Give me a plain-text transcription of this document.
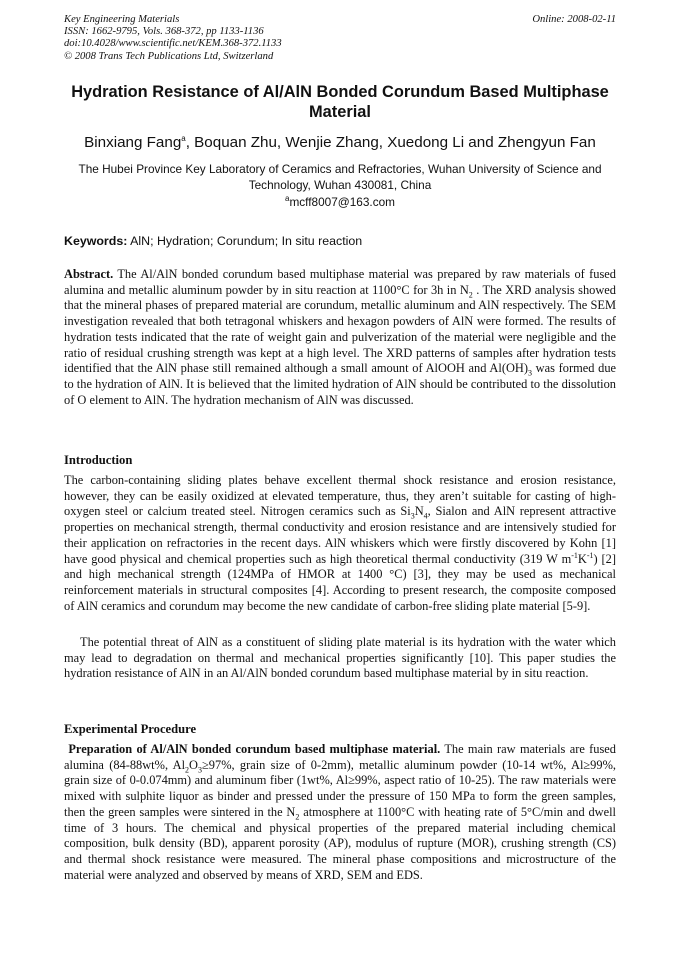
Key Engineering Materials
ISSN: 1662-9795, Vols. 368-372, pp 1133-1136
doi:10.4028/www.scientific.net/KEM.368-372.1133
© 2008 Trans Tech Publications Ltd, Switzerland
Online: 2008-02-11
Hydration Resistance of Al/AlN Bonded Corundum Based Multiphase Material
Binxiang Fang$^a$, Boquan Zhu, Wenjie Zhang, Xuedong Li and Zhengyun Fan
The Hubei Province Key Laboratory of Ceramics and Refractories, Wuhan University of Science and Technology, Wuhan 430081, China
$^a$mcff8007@163.com
Keywords: AlN; Hydration; Corundum; In situ reaction
Abstract. The Al/AlN bonded corundum based multiphase material was prepared by raw materials of fused alumina and metallic aluminum powder by in situ reaction at 1100°C for 3h in $N_2$ . The XRD analysis showed that the mineral phases of prepared material are corundum, metallic aluminum and AlN respectively. The SEM investigation revealed that both tetragonal whiskers and hexagon powders of AlN were formed. The results of hydration tests indicated that the rate of weight gain and pulverization of the material were negligible and the ratio of residual crushing strength was kept at a high level. The XRD patterns of samples after hydration tests identified that the AlN phase still remained although a small amount of AlOOH and $Al(OH)_3$ was formed due to the hydration of AlN. It is believed that the limited hydration of AlN should be contributed to the dissolution of O element to AlN. The hydration mechanism of AlN was discussed.
Introduction
The carbon-containing sliding plates behave excellent thermal shock resistance and erosion resistance, however, they can be easily oxidized at elevated temperature, thus, they aren’t suitable for casting of high-oxygen steel or calcium treated steel. Nitrogen ceramics such as $Si_3N_4$, Sialon and AlN represent attractive properties on mechanical strength, thermal conductivity and erosion resistance and are intensively studied for their application on refractories in the recent days. AlN whiskers which were firstly discovered by Kohn [1] have good physical and chemical properties such as high theoretical thermal conductivity (319 W $m^{-1}K^{-1}$) [2] and high mechanical strength (124MPa of HMOR at 1400 °C) [3], they may be used as mechanical reinforcement materials in structural composites [4]. According to present research, the composite composed of AlN ceramics and corundum may become the new candidate of carbon-free sliding plate material [5-9].
The potential threat of AlN as a constituent of sliding plate material is its hydration with the water which may lead to degradation on thermal and mechanical properties significantly [10]. This paper studies the hydration resistance of AlN in an Al/AlN bonded corundum based multiphase material by in situ reaction.
Experimental Procedure
Preparation of Al/AlN bonded corundum based multiphase material. The main raw materials are fused alumina (84-88wt%, $Al_2O_3\ge 97\%$, grain size of 0-2mm), metallic aluminum powder (10-14 wt%, Al≥99%, grain size of 0-0.074mm) and aluminum fiber (1wt%, Al≥99%, aspect ratio of 10-25). The raw materials were mixed with sulphite liquor as binder and pressed under the pressure of 150 MPa to form the green samples, then the green samples were sintered in the $N_2$ atmosphere at 1100°C with heating rate of 5°C/min and dwell time of 3 hours. The chemical and physical properties of the prepared material including chemical composition, bulk density (BD), apparent porosity (AP), modulus of rupture (MOR), crushing strength (CS) and thermal shock resistance were measured. The mineral phase compositions and microstructure of the material were analyzed and observed by means of XRD, SEM and EDS.
